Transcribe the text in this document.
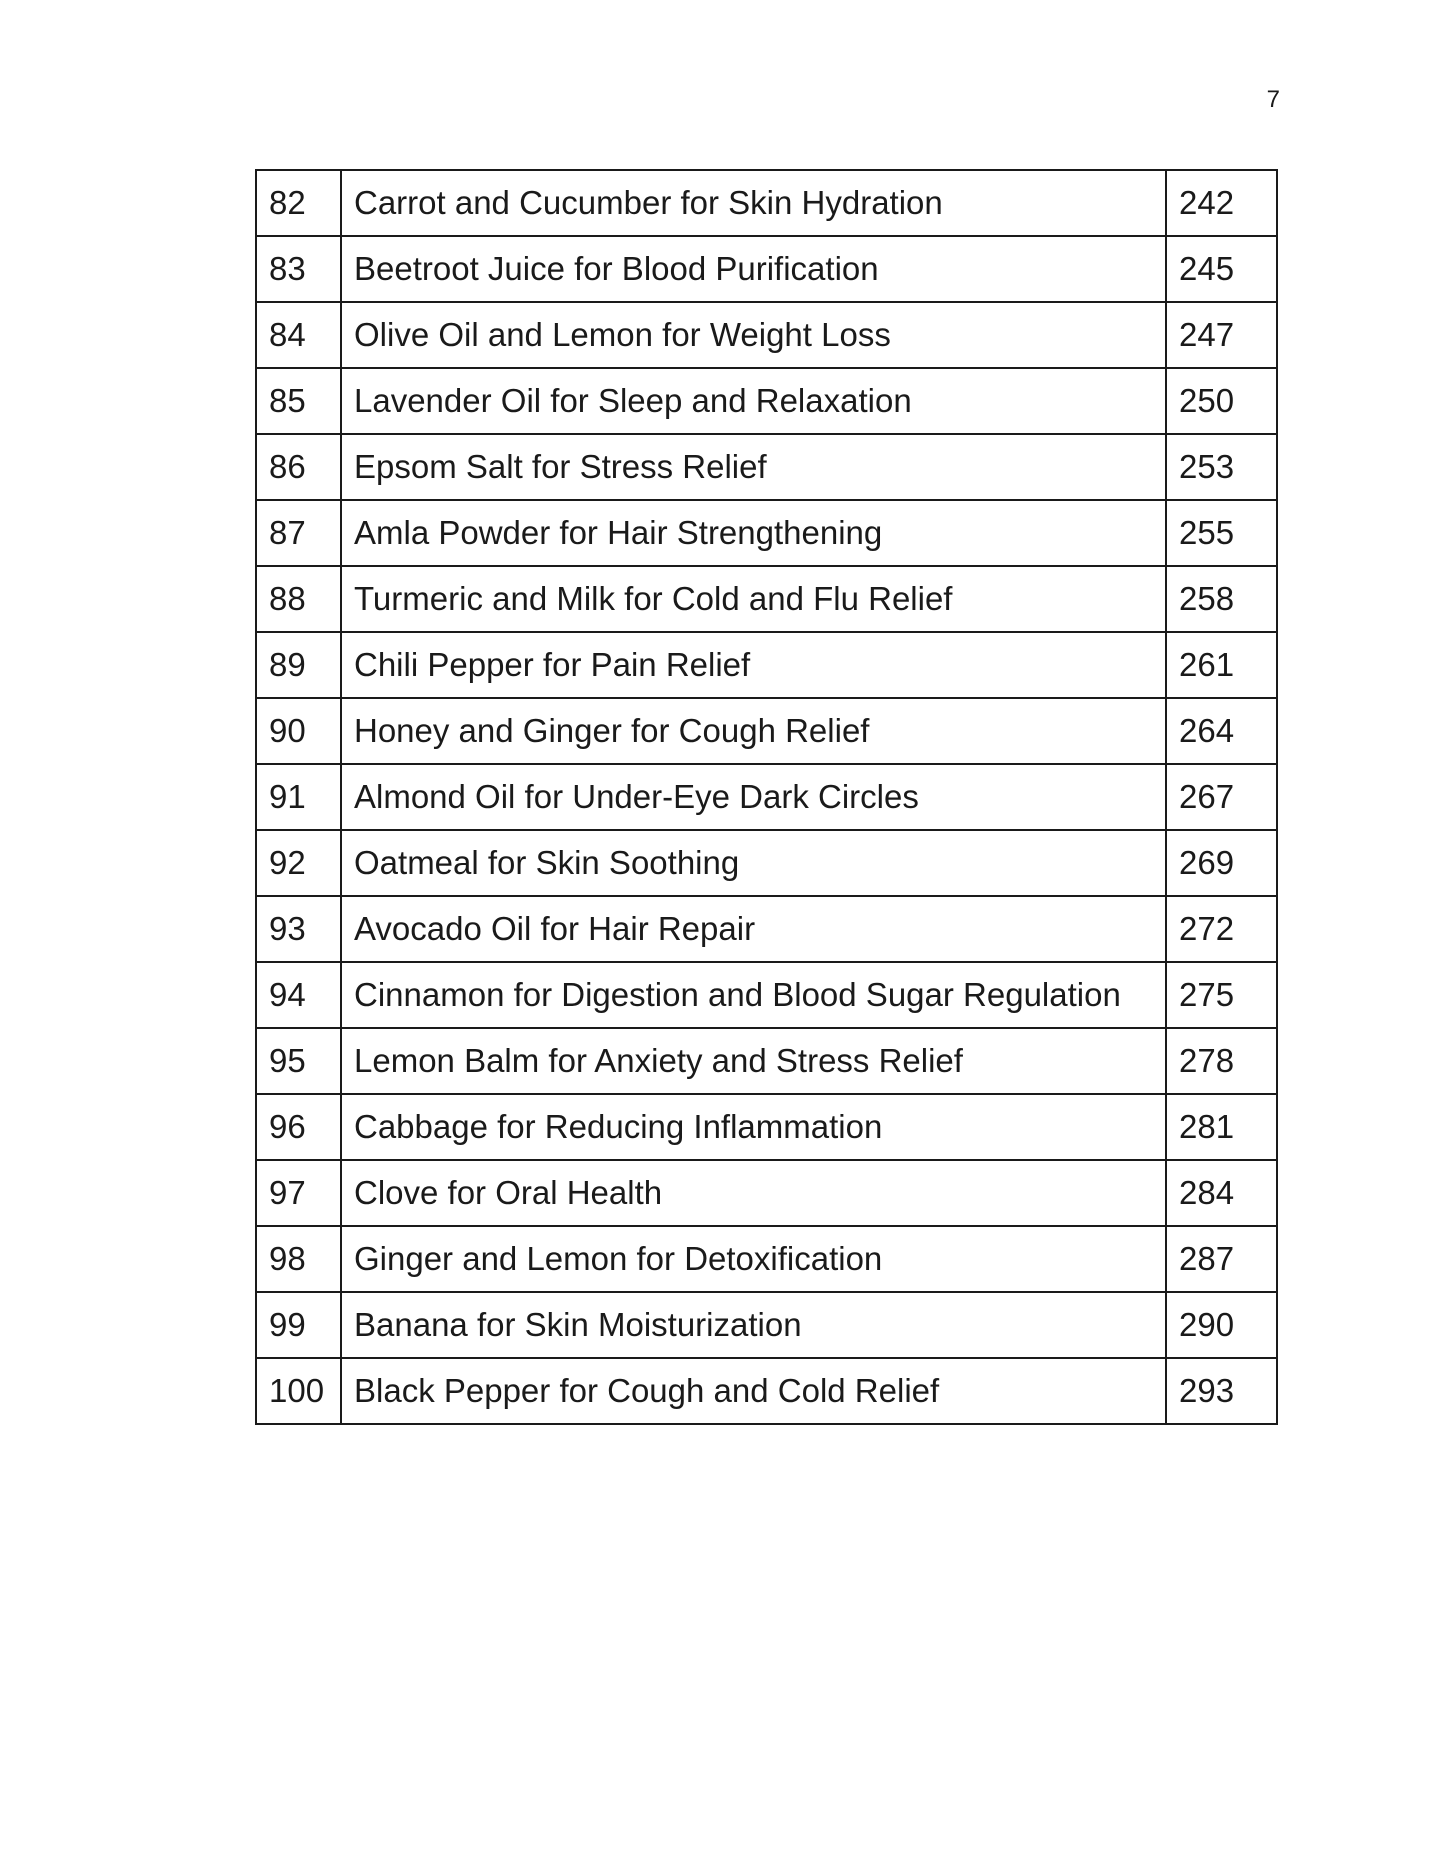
7
82	Carrot and Cucumber for Skin Hydration	242
83	Beetroot Juice for Blood Purification	245
84	Olive Oil and Lemon for Weight Loss	247
85	Lavender Oil for Sleep and Relaxation	250
86	Epsom Salt for Stress Relief	253
87	Amla Powder for Hair Strengthening	255
88	Turmeric and Milk for Cold and Flu Relief	258
89	Chili Pepper for Pain Relief	261
90	Honey and Ginger for Cough Relief	264
91	Almond Oil for Under-Eye Dark Circles	267
92	Oatmeal for Skin Soothing	269
93	Avocado Oil for Hair Repair	272
94	Cinnamon for Digestion and Blood Sugar Regulation	275
95	Lemon Balm for Anxiety and Stress Relief	278
96	Cabbage for Reducing Inflammation	281
97	Clove for Oral Health	284
98	Ginger and Lemon for Detoxification	287
99	Banana for Skin Moisturization	290
100	Black Pepper for Cough and Cold Relief	293
